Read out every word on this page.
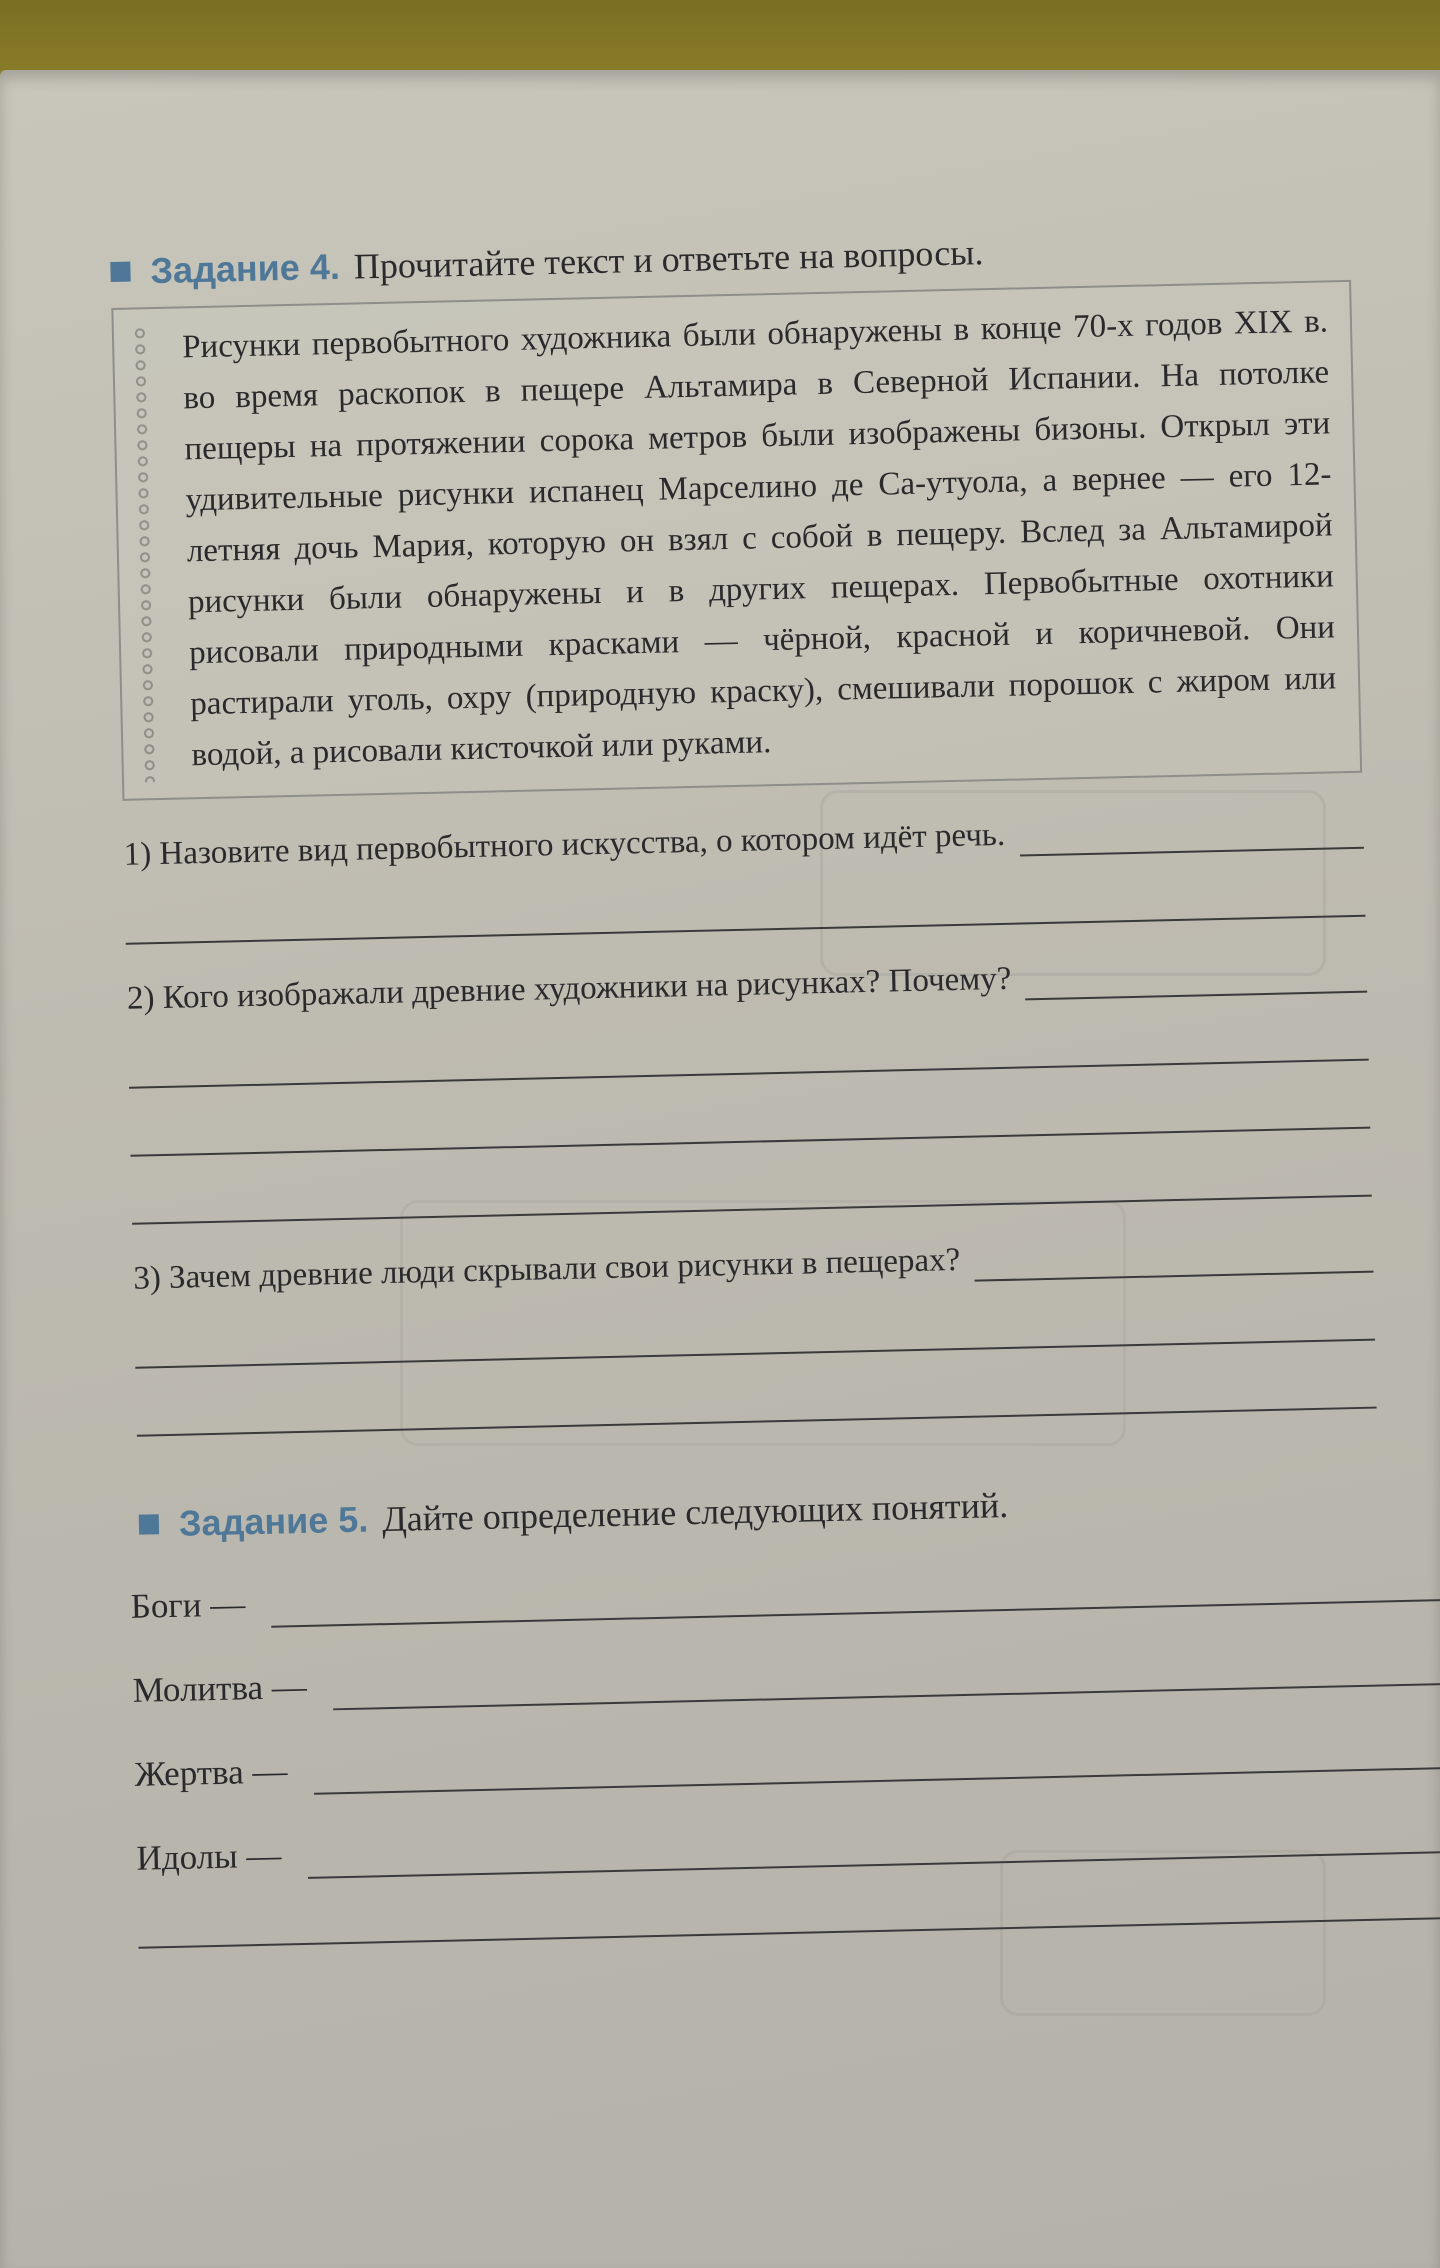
Задание 4. Прочитайте текст и ответьте на вопросы.
Рисунки первобытного художника были обнаружены в конце 70-х годов XIX в. во время раскопок в пещере Альтамира в Северной Испании. На потолке пещеры на протяжении сорока метров были изображены бизоны. Открыл эти удивительные рисунки испанец Марселино де Са-утуола, а вернее — его 12-летняя дочь Мария, которую он взял с собой в пещеру. Вслед за Альтамирой рисунки были обнаружены и в других пещерах. Первобытные охотники рисовали природными красками — чёрной, красной и коричневой. Они растирали уголь, охру (природную краску), смешивали порошок с жиром или водой, а рисовали кисточкой или руками.
1) Назовите вид первобытного искусства, о котором идёт речь.
2) Кого изображали древние художники на рисунках? Почему?
3) Зачем древние люди скрывали свои рисунки в пещерах?
Задание 5. Дайте определение следующих понятий.
Боги —
Молитва —
Жертва —
Идолы —
